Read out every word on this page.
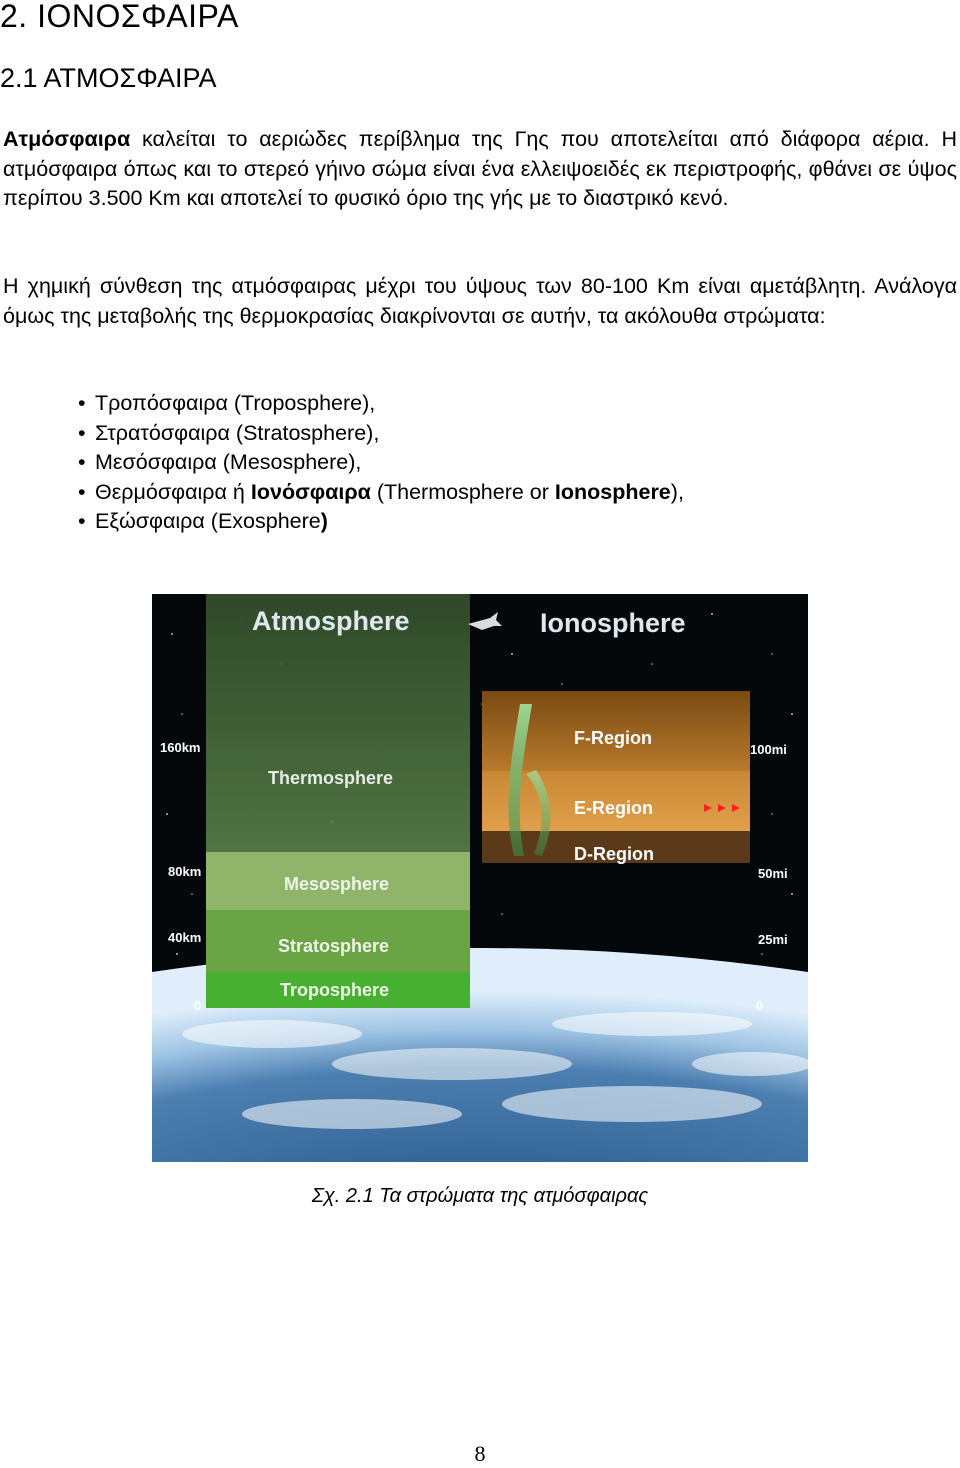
2. ΙΟΝΟΣΦΑΙΡΑ
2.1 ΑΤΜΟΣΦΑΙΡΑ

Ατμόσφαιρα καλείται το αεριώδες περίβλημα της Γης που αποτελείται από διάφορα αέρια. Η ατμόσφαιρα όπως και το στερεό γήινο σώμα είναι ένα ελλειψοειδές εκ περιστροφής, φθάνει σε ύψος περίπου 3.500 Km και αποτελεί το φυσικό όριο της γής με το διαστρικό κενό.

Η χημική σύνθεση της ατμόσφαιρας μέχρι του ύψους των 80-100 Km είναι αμετάβλητη. Ανάλογα όμως της μεταβολής της θερμοκρασίας διακρίνονται σε αυτήν, τα ακόλουθα στρώματα:

• Τροπόσφαιρα (Troposphere),
• Στρατόσφαιρα (Stratosphere),
• Μεσόσφαιρα (Mesosphere),
• Θερμόσφαιρα ή Ιονόσφαιρα (Thermosphere or Ionosphere),
• Εξώσφαιρα (Exosphere)
Atmosphere	Ionosphere
Thermosphere
Mesosphere
Stratosphere
Troposphere
F-Region
E-Region
D-Region
160km
80km
40km
0
100mi
50mi
25mi
0
Σχ. 2.1 Τα στρώματα της ατμόσφαιρας
8
